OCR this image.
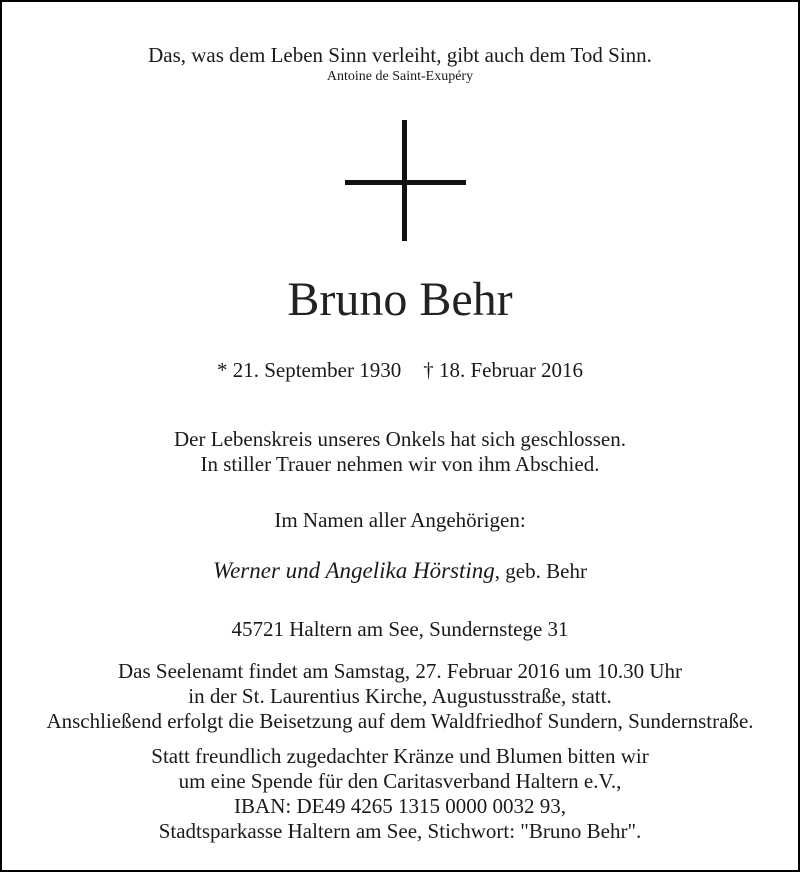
Das, was dem Leben Sinn verleiht, gibt auch dem Tod Sinn.
Antoine de Saint-Exupéry
Bruno Behr
* 21. September 1930 † 18. Februar 2016
Der Lebenskreis unseres Onkels hat sich geschlossen.
In stiller Trauer nehmen wir von ihm Abschied.
Im Namen aller Angehörigen:
Werner und Angelika Hörsting, geb. Behr
45721 Haltern am See, Sundernstege 31
Das Seelenamt findet am Samstag, 27. Februar 2016 um 10.30 Uhr
in der St. Laurentius Kirche, Augustusstraße, statt.
Anschließend erfolgt die Beisetzung auf dem Waldfriedhof Sundern, Sundernstraße.
Statt freundlich zugedachter Kränze und Blumen bitten wir
um eine Spende für den Caritasverband Haltern e.V.,
IBAN: DE49 4265 1315 0000 0032 93,
Stadtsparkasse Haltern am See, Stichwort: "Bruno Behr".
